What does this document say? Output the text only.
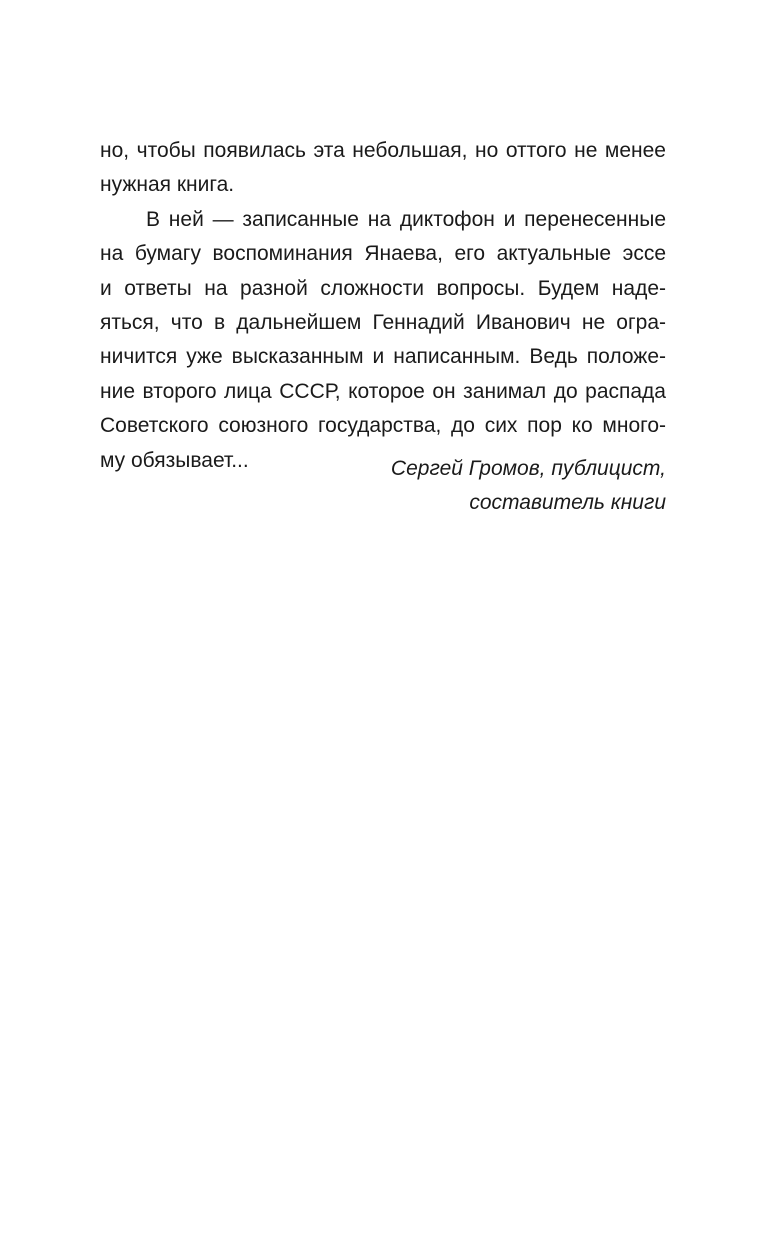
но, чтобы появилась эта небольшая, но оттого не менее
нужная книга.
В ней — записанные на диктофон и перенесенные
на бумагу воспоминания Янаева, его актуальные эссе
и ответы на разной сложности вопросы. Будем наде-
яться, что в дальнейшем Геннадий Иванович не огра-
ничится уже высказанным и написанным. Ведь положе-
ние второго лица СССР, которое он занимал до распада
Советского союзного государства, до сих пор ко много-
му обязывает...	Сергей Громов, публицист,
составитель книги
